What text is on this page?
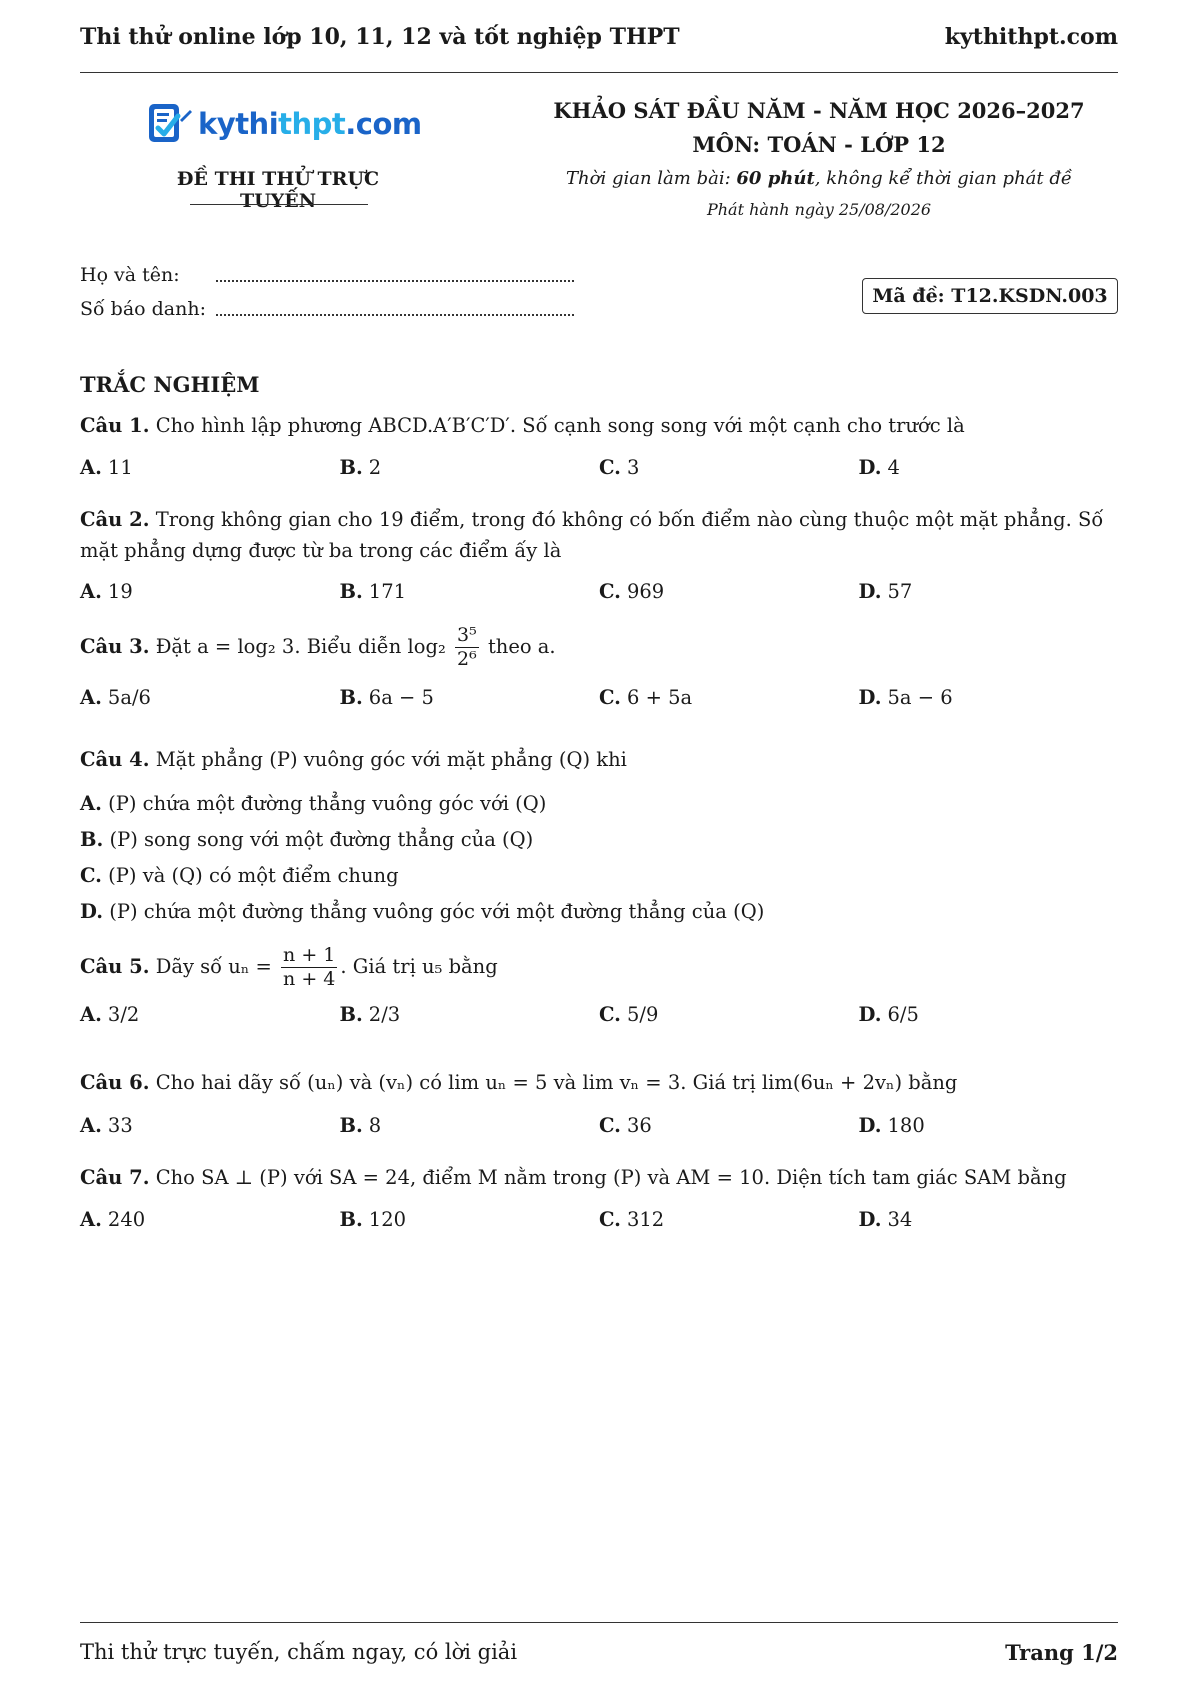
Thi thử online lớp 10, 11, 12 và tốt nghiệp THPT	kythithpt.com
kythithpt.com
ĐỀ THI THỬ TRỰC TUYẾN
KHẢO SÁT ĐẦU NĂM - NĂM HỌC 2026–2027
MÔN: TOÁN - LỚP 12
Thời gian làm bài: 60 phút, không kể thời gian phát đề
Phát hành ngày 25/08/2026
Họ và tên:
Số báo danh:
Mã đề: T12.KSDN.003
TRẮC NGHIỆM
Câu 1. Cho hình lập phương ABCD.A′B′C′D′. Số cạnh song song với một cạnh cho trước là
A. 11	B. 2	C. 3	D. 4
Câu 2. Trong không gian cho 19 điểm, trong đó không có bốn điểm nào cùng thuộc một mặt phẳng. Số mặt phẳng dựng được từ ba trong các điểm ấy là
A. 19	B. 171	C. 969	D. 57
Câu 3. Đặt a = log₂ 3. Biểu diễn $\log_2 \frac{\text{3⁵}}{\text{2⁶}}$ theo a.
A. 5a/6	B. 6a − 5	C. 6 + 5a	D. 5a − 6
Câu 4. Mặt phẳng (P) vuông góc với mặt phẳng (Q) khi
A. (P) chứa một đường thẳng vuông góc với (Q)
B. (P) song song với một đường thẳng của (Q)
C. (P) và (Q) có một điểm chung
D. (P) chứa một đường thẳng vuông góc với một đường thẳng của (Q)
Câu 5. Dãy số $u_n = \frac{n + 1}{n + 4}$ . Giá trị u₅ bằng
A. 3/2	B. 2/3	C. 5/9	D. 6/5
Câu 6. Cho hai dãy số (uₙ) và (vₙ) có lim uₙ = 5 và lim vₙ = 3. Giá trị lim(6uₙ + 2vₙ) bằng
A. 33	B. 8	C. 36	D. 180
Câu 7. Cho SA ⊥ (P) với SA = 24, điểm M nằm trong (P) và AM = 10. Diện tích tam giác SAM bằng
A. 240	B. 120	C. 312	D. 34
Thi thử trực tuyến, chấm ngay, có lời giải	Trang 1/2
